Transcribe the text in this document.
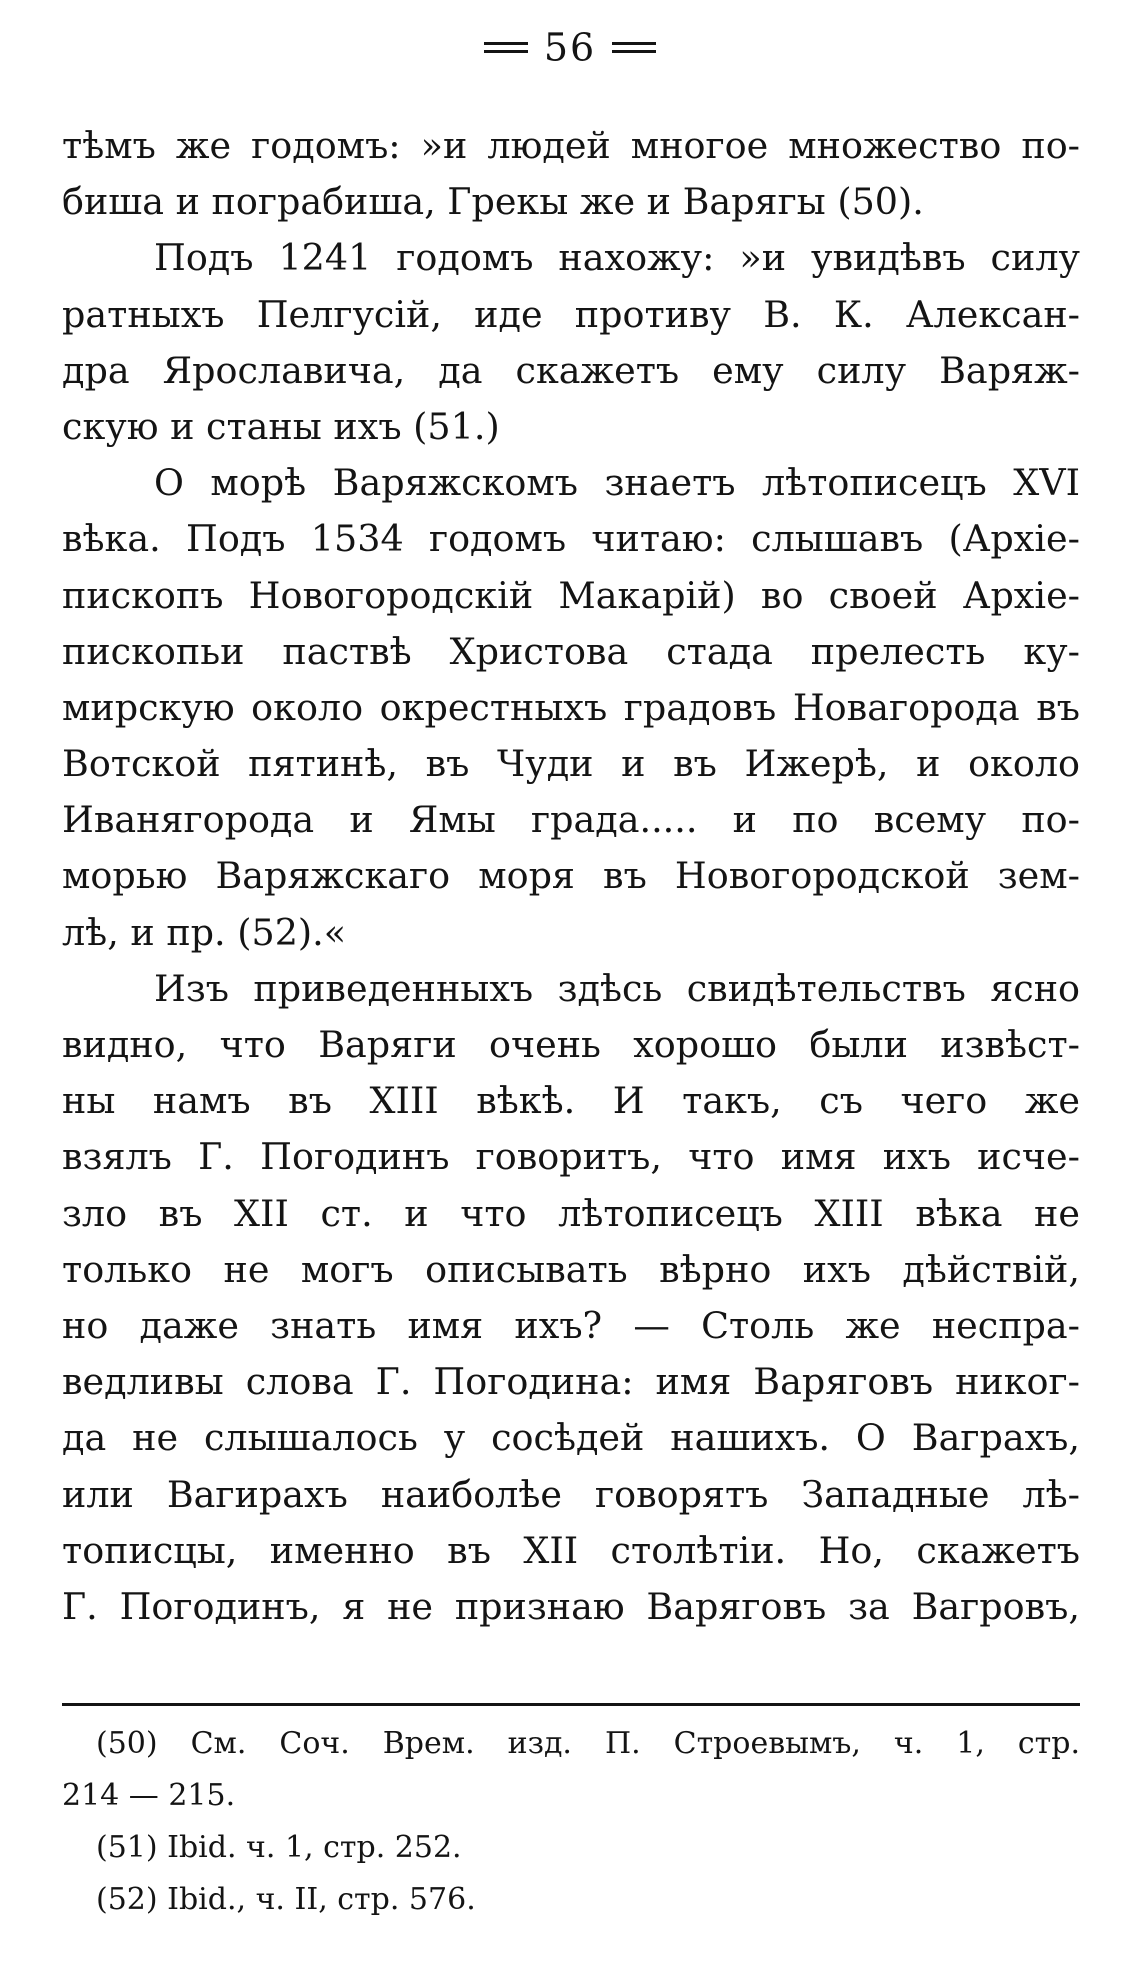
56
тѣмъ же годомъ: »и людей многое множество по-
биша и пограбиша, Грекы же и Варягы (50).
Подъ 1241 годомъ нахожу: »и увидѣвъ силу
ратныхъ Пелгусій, иде противу В. К. Алексан-
дра Ярославича, да скажетъ ему силу Варяж-
скую и станы ихъ (51.)
О морѣ Варяжскомъ знаетъ лѣтописецъ XVI
вѣка. Подъ 1534 годомъ читаю: слышавъ (Архіе-
пископъ Новогородскій Макарій) во своей Архіе-
пископьи паствѣ Христова стада прелесть ку-
мирскую около окрестныхъ градовъ Новагорода въ
Вотской пятинѣ, въ Чуди и въ Ижерѣ, и около
Иванягорода и Ямы града..... и по всему по-
морью Варяжскаго моря въ Новогородской зем-
лѣ, и пр. (52).«
Изъ приведенныхъ здѣсь свидѣтельствъ ясно
видно, что Варяги очень хорошо были извѣст-
ны намъ въ XIII вѣкѣ. И такъ, съ чего же
взялъ Г. Погодинъ говоритъ, что имя ихъ исче-
зло въ XII ст. и что лѣтописецъ XIII вѣка не
только не могъ описывать вѣрно ихъ дѣйствій,
но даже знать имя ихъ? — Столь же неспра-
ведливы слова Г. Погодина: имя Варяговъ никог-
да не слышалось у сосѣдей нашихъ. О Ваграхъ,
или Вагирахъ наиболѣе говорятъ Западные лѣ-
тописцы, именно въ XII столѣтіи. Но, скажетъ
Г. Погодинъ, я не признаю Варяговъ за Вагровъ,
(50) См. Соч. Врем. изд. П. Строевымъ, ч. 1, стр.
214 — 215.
(51) Ibid. ч. 1, стр. 252.
(52) Ibid., ч. II, стр. 576.
